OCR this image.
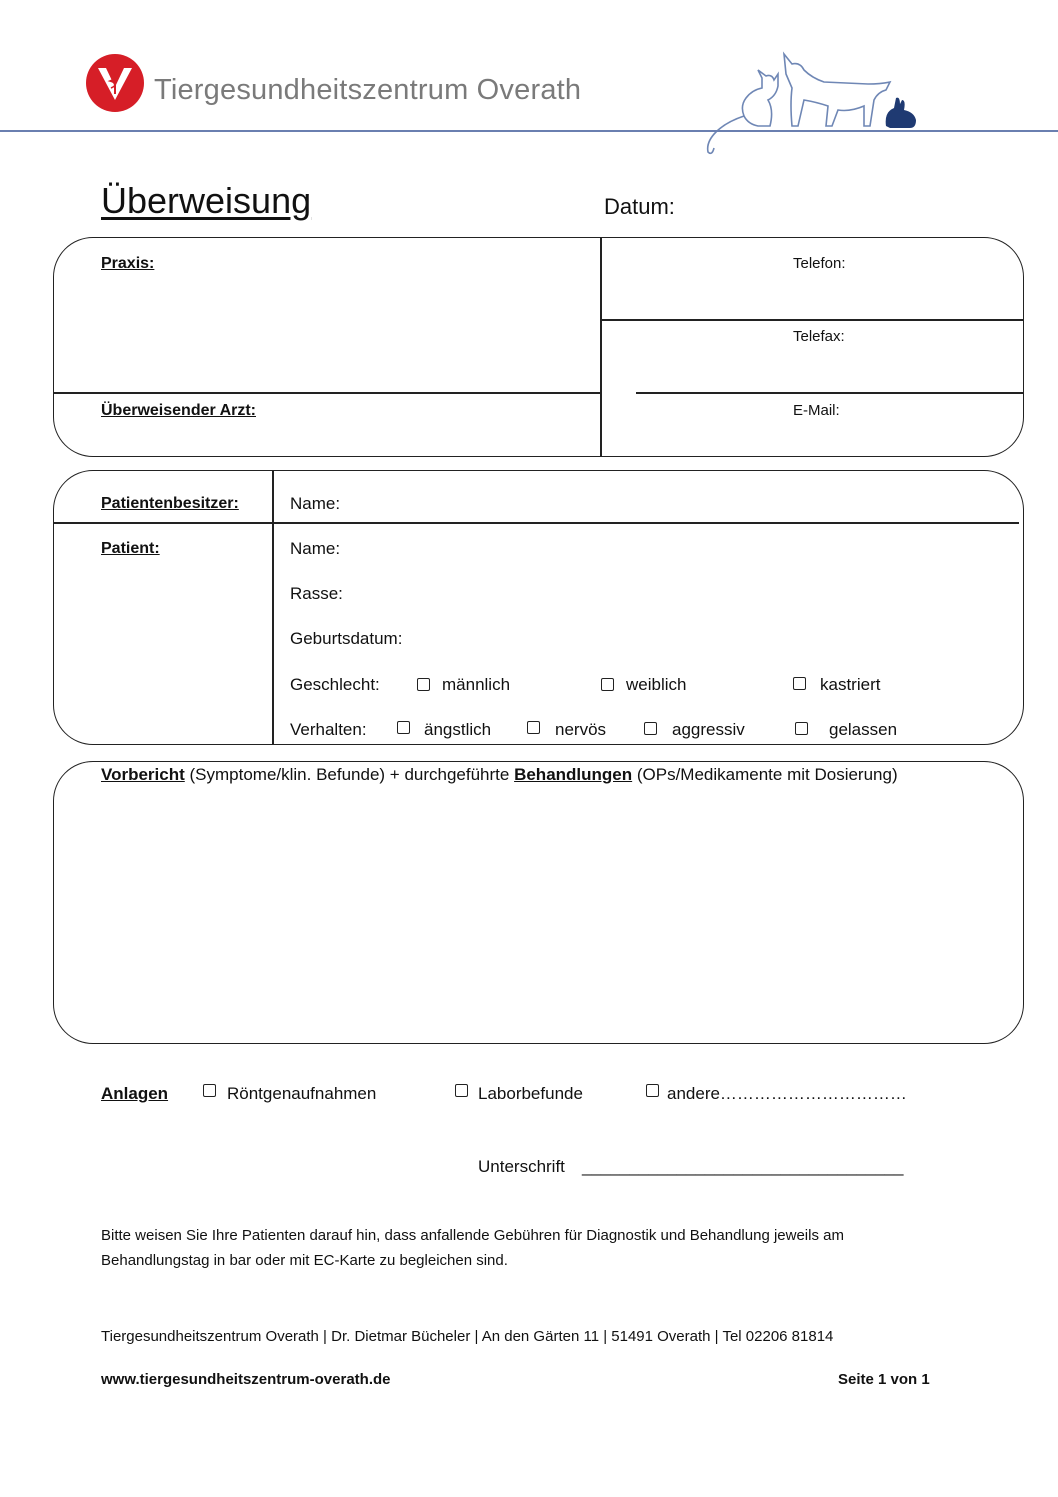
Tiergesundheitszentrum Overath
Überweisung	Datum:
Praxis:	Telefon:
Telefax:
Überweisender Arzt:	E-Mail:
Patientenbesitzer:	Name:
Patient:	Name:
Rasse:
Geburtsdatum:
Geschlecht:	männlich	weiblich	kastriert
Verhalten:	ängstlich	nervös	aggressiv	gelassen
Vorbericht (Symptome/klin. Befunde) + durchgeführte Behandlungen (OPs/Medikamente mit Dosierung)
Anlagen	Röntgenaufnahmen	Laborbefunde	andere……………………………
Unterschrift __________________________________
Bitte weisen Sie Ihre Patienten darauf hin, dass anfallende Gebühren für Diagnostik und Behandlung jeweils am
Behandlungstag in bar oder mit EC-Karte zu begleichen sind.
Tiergesundheitszentrum Overath | Dr. Dietmar Bücheler | An den Gärten 11 | 51491 Overath | Tel 02206 81814
www.tiergesundheitszentrum-overath.de	Seite 1 von 1
